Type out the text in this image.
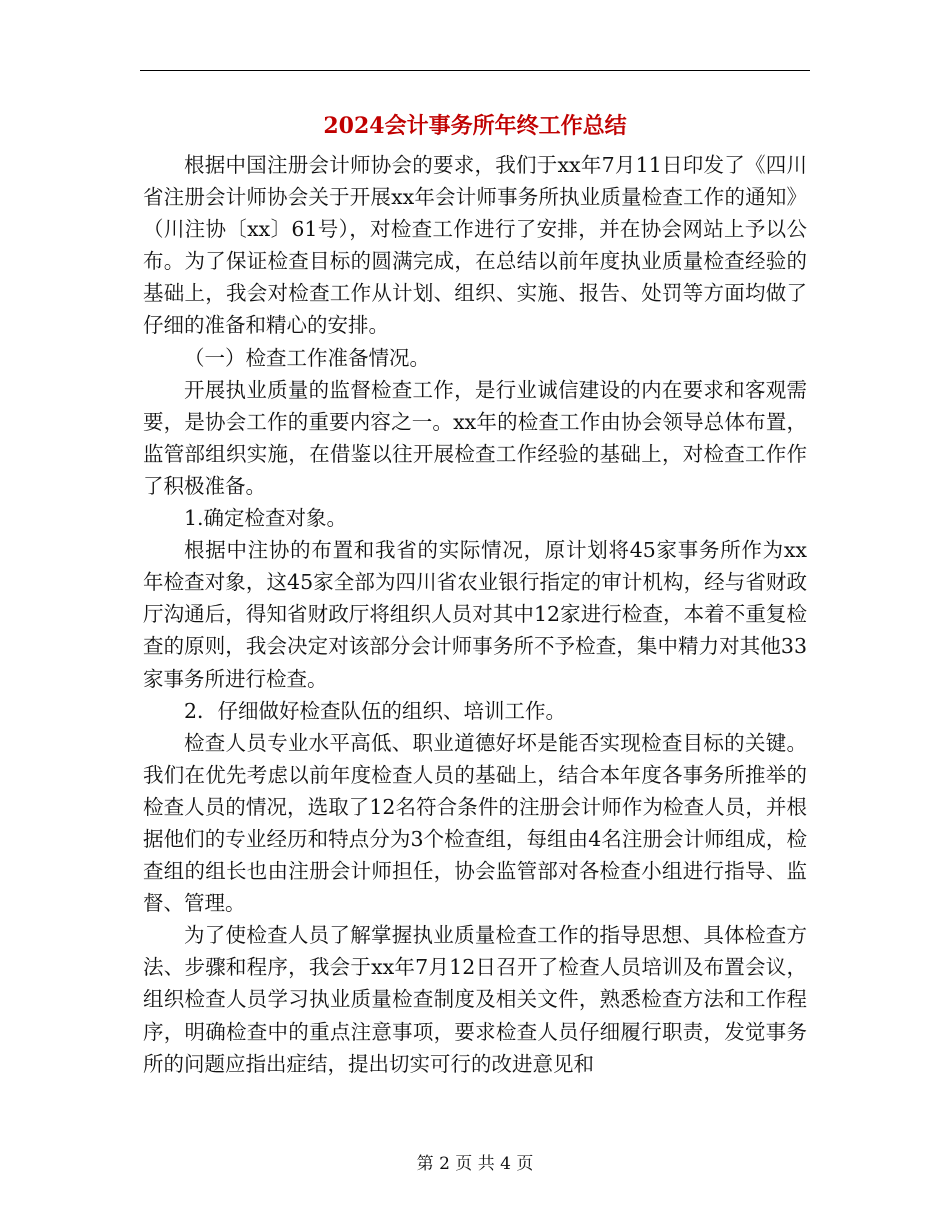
2024会计事务所年终工作总结

根据中国注册会计师协会的要求，我们于xx年7月11日印发了《四川省注册会计师协会关于开展xx年会计师事务所执业质量检查工作的通知》（川注协〔xx〕61号），对检查工作进行了安排，并在协会网站上予以公布。为了保证检查目标的圆满完成，在总结以前年度执业质量检查经验的基础上，我会对检查工作从计划、组织、实施、报告、处罚等方面均做了仔细的准备和精心的安排。

（一）检查工作准备情况。

开展执业质量的监督检查工作，是行业诚信建设的内在要求和客观需要，是协会工作的重要内容之一。xx年的检查工作由协会领导总体布置，监管部组织实施，在借鉴以往开展检查工作经验的基础上，对检查工作作了积极准备。

1.确定检查对象。

根据中注协的布置和我省的实际情况，原计划将45家事务所作为xx年检查对象，这45家全部为四川省农业银行指定的审计机构，经与省财政厅沟通后，得知省财政厅将组织人员对其中12家进行检查，本着不重复检查的原则，我会决定对该部分会计师事务所不予检查，集中精力对其他33家事务所进行检查。

2．仔细做好检查队伍的组织、培训工作。

检查人员专业水平高低、职业道德好坏是能否实现检查目标的关键。我们在优先考虑以前年度检查人员的基础上，结合本年度各事务所推举的检查人员的情况，选取了12名符合条件的注册会计师作为检查人员，并根据他们的专业经历和特点分为3个检查组，每组由4名注册会计师组成，检查组的组长也由注册会计师担任，协会监管部对各检查小组进行指导、监督、管理。

为了使检查人员了解掌握执业质量检查工作的指导思想、具体检查方法、步骤和程序，我会于xx年7月12日召开了检查人员培训及布置会议，组织检查人员学习执业质量检查制度及相关文件，熟悉检查方法和工作程序，明确检查中的重点注意事项，要求检查人员仔细履行职责，发觉事务所的问题应指出症结，提出切实可行的改进意见和

第 2 页 共 4 页
